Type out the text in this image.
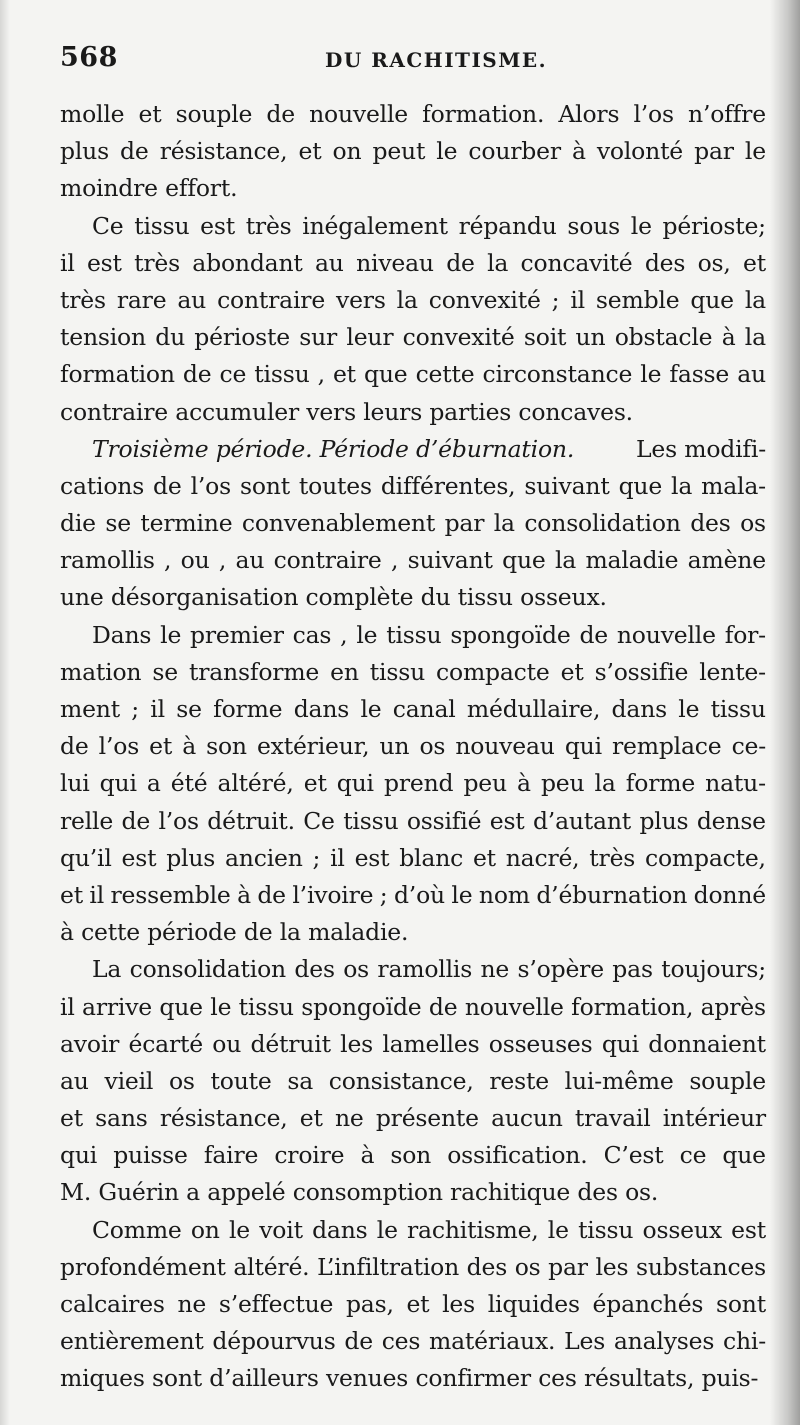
568	DU RACHITISME.
molle et souple de nouvelle formation. Alors l’os n’offre
plus de résistance, et on peut le courber à volonté par le
moindre effort.
Ce tissu est très inégalement répandu sous le périoste;
il est très abondant au niveau de la concavité des os, et
très rare au contraire vers la convexité ; il semble que la
tension du périoste sur leur convexité soit un obstacle à la
formation de ce tissu , et que cette circonstance le fasse au
contraire accumuler vers leurs parties concaves.
Troisième période. Période d’éburnation.	Les modifi-
cations de l’os sont toutes différentes, suivant que la mala-
die se termine convenablement par la consolidation des os
ramollis , ou , au contraire , suivant que la maladie amène
une désorganisation complète du tissu osseux.
Dans le premier cas , le tissu spongoïde de nouvelle for-
mation se transforme en tissu compacte et s’ossifie lente-
ment ; il se forme dans le canal médullaire, dans le tissu
de l’os et à son extérieur, un os nouveau qui remplace ce-
lui qui a été altéré, et qui prend peu à peu la forme natu-
relle de l’os détruit. Ce tissu ossifié est d’autant plus dense
qu’il est plus ancien ; il est blanc et nacré, très compacte,
et il ressemble à de l’ivoire ; d’où le nom d’éburnation donné
à cette période de la maladie.
La consolidation des os ramollis ne s’opère pas toujours;
il arrive que le tissu spongoïde de nouvelle formation, après
avoir écarté ou détruit les lamelles osseuses qui donnaient
au vieil os toute sa consistance, reste lui-même souple
et sans résistance, et ne présente aucun travail intérieur
qui puisse faire croire à son ossification. C’est ce que
M. Guérin a appelé consomption rachitique des os.
Comme on le voit dans le rachitisme, le tissu osseux est
profondément altéré. L’infiltration des os par les substances
calcaires ne s’effectue pas, et les liquides épanchés sont
entièrement dépourvus de ces matériaux. Les analyses chi-
miques sont d’ailleurs venues confirmer ces résultats, puis-
